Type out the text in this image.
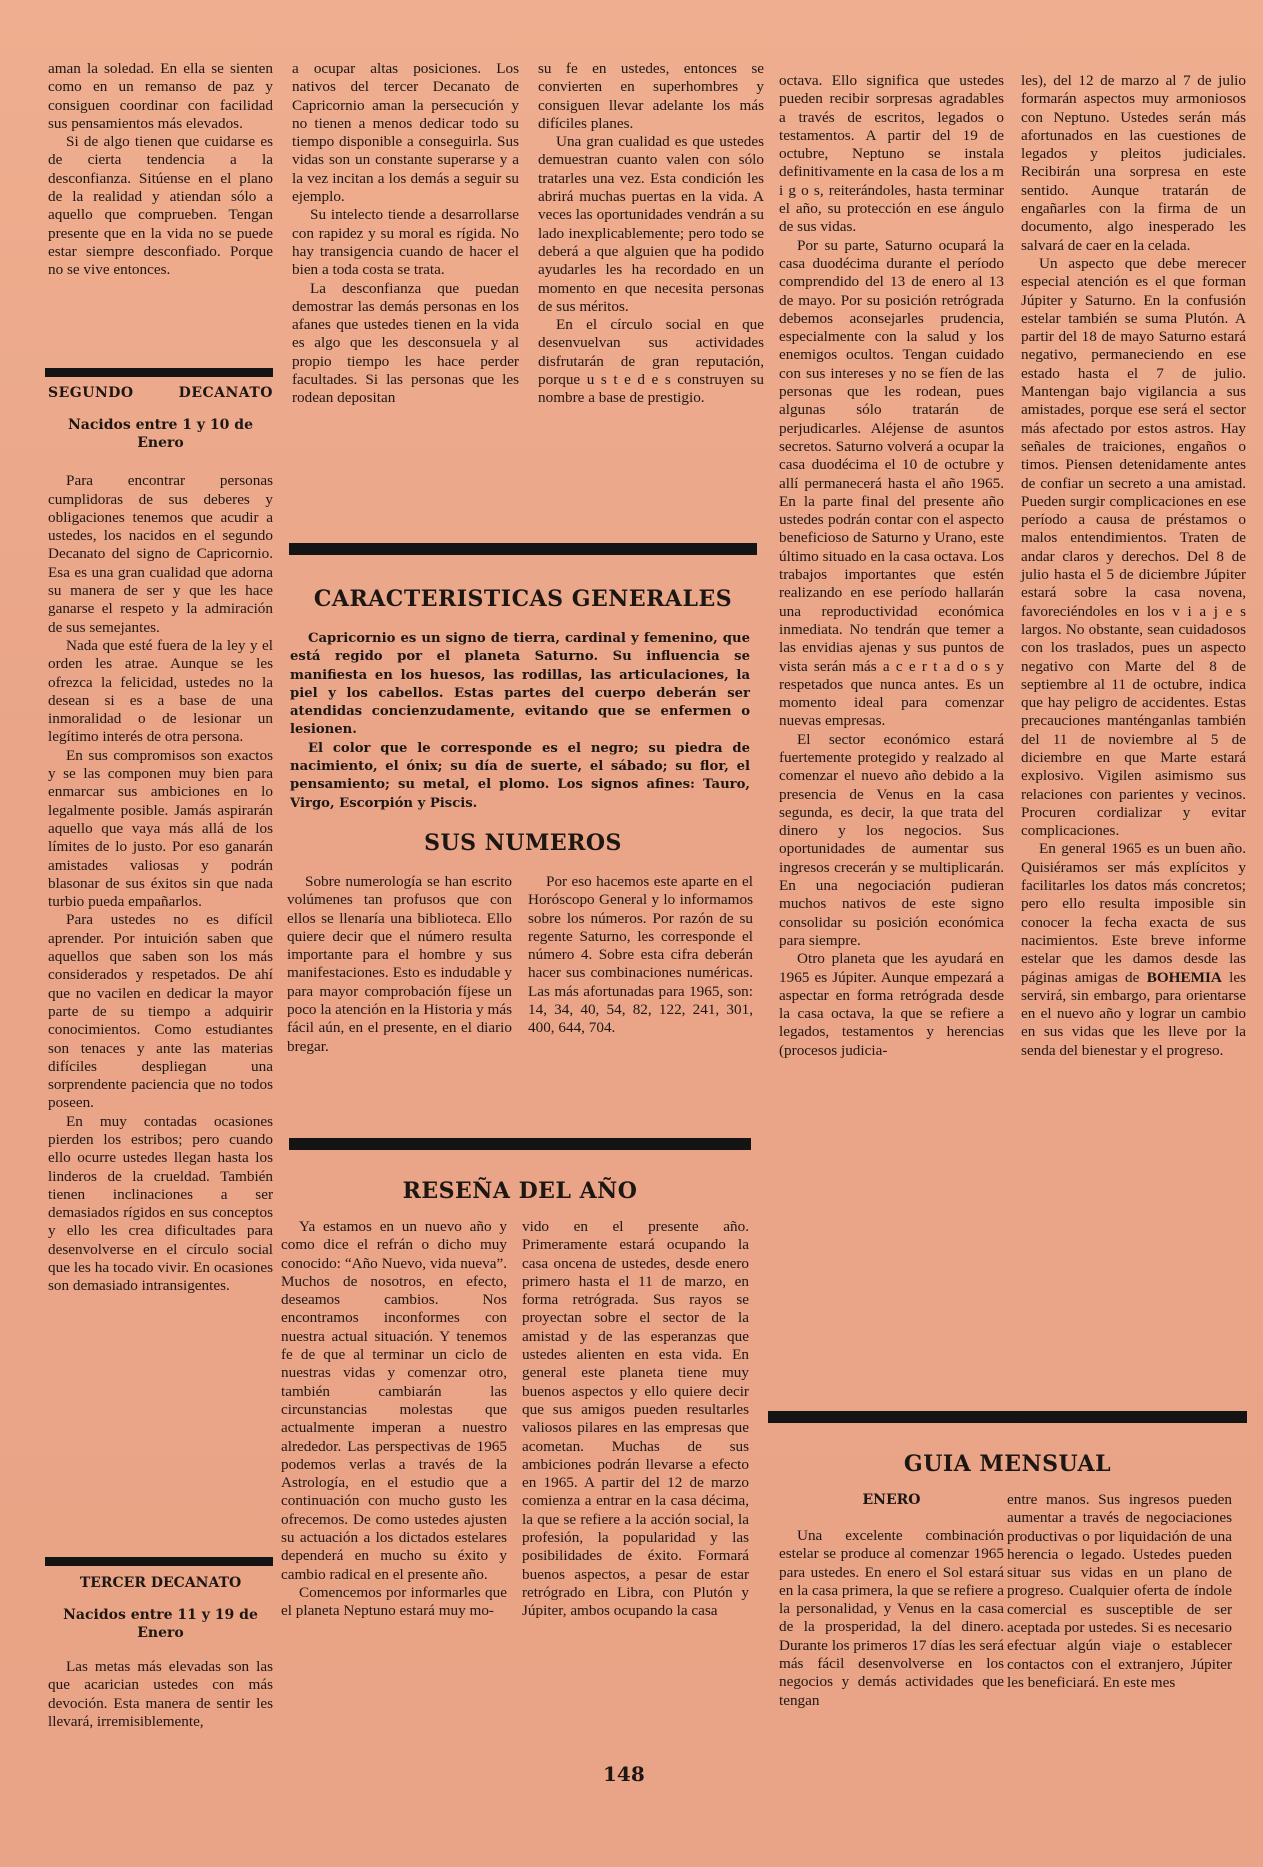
aman la soledad. En ella se sienten como en un remanso de paz y consiguen coordinar con facilidad sus pensamientos más elevados.

Si de algo tienen que cuidarse es de cierta tendencia a la desconfianza. Sitúense en el plano de la realidad y atiendan sólo a aquello que comprueben. Tengan presente que en la vida no se puede estar siempre desconfiado. Porque no se vive entonces.

SEGUNDO DECANATO
Nacidos entre 1 y 10 de Enero

Para encontrar personas cumplidoras de sus deberes y obligaciones tenemos que acudir a ustedes, los nacidos en el segundo Decanato del signo de Capricornio. Esa es una gran cualidad que adorna su manera de ser y que les hace ganarse el respeto y la admiración de sus semejantes.

Nada que esté fuera de la ley y el orden les atrae. Aunque se les ofrezca la felicidad, ustedes no la desean si es a base de una inmoralidad o de lesionar un legítimo interés de otra persona.

En sus compromisos son exactos y se las componen muy bien para enmarcar sus ambiciones en lo legalmente posible. Jamás aspirarán aquello que vaya más allá de los límites de lo justo. Por eso ganarán amistades valiosas y podrán blasonar de sus éxitos sin que nada turbio pueda empañarlos.

Para ustedes no es difícil aprender. Por intuición saben que aquellos que saben son los más considerados y respetados. De ahí que no vacilen en dedicar la mayor parte de su tiempo a adquirir conocimientos. Como estudiantes son tenaces y ante las materias difíciles despliegan una sorprendente paciencia que no todos poseen.

En muy contadas ocasiones pierden los estribos; pero cuando ello ocurre ustedes llegan hasta los linderos de la crueldad. También tienen inclinaciones a ser demasiados rígidos en sus conceptos y ello les crea dificultades para desenvolverse en el círculo social que les ha tocado vivir. En ocasiones son demasiado intransigentes.

TERCER DECANATO
Nacidos entre 11 y 19 de Enero

Las metas más elevadas son las que acarician ustedes con más devoción. Esta manera de sentir les llevará, irremisiblemente,

a ocupar altas posiciones. Los nativos del tercer Decanato de Capricornio aman la persecución y no tienen a menos dedicar todo su tiempo disponible a conseguirla. Sus vidas son un constante superarse y a la vez incitan a los demás a seguir su ejemplo.

Su intelecto tiende a desarrollarse con rapidez y su moral es rígida. No hay transigencia cuando de hacer el bien a toda costa se trata.

La desconfianza que puedan demostrar las demás personas en los afanes que ustedes tienen en la vida es algo que les desconsuela y al propio tiempo les hace perder facultades. Si las personas que les rodean depositan

su fe en ustedes, entonces se convierten en superhombres y consiguen llevar adelante los más difíciles planes.

Una gran cualidad es que ustedes demuestran cuanto valen con sólo tratarles una vez. Esta condición les abrirá muchas puertas en la vida. A veces las oportunidades vendrán a su lado inexplicablemente; pero todo se deberá a que alguien que ha podido ayudarles les ha recordado en un momento en que necesita personas de sus méritos.

En el círculo social en que desenvuelvan sus actividades disfrutarán de gran reputación, porque u s t e d e s construyen su nombre a base de prestigio.

CARACTERISTICAS GENERALES

Capricornio es un signo de tierra, cardinal y femenino, que está regido por el planeta Saturno. Su influencia se manifiesta en los huesos, las rodillas, las articulaciones, la piel y los cabellos. Estas partes del cuerpo deberán ser atendidas concienzudamente, evitando que se enfermen o lesionen.

El color que le corresponde es el negro; su piedra de nacimiento, el ónix; su día de suerte, el sábado; su flor, el pensamiento; su metal, el plomo. Los signos afines: Tauro, Virgo, Escorpión y Piscis.

SUS NUMEROS

Sobre numerología se han escrito volúmenes tan profusos que con ellos se llenaría una biblioteca. Ello quiere decir que el número resulta importante para el hombre y sus manifestaciones. Esto es indudable y para mayor comprobación fíjese un poco la atención en la Historia y más fácil aún, en el presente, en el diario bregar.

Por eso hacemos este aparte en el Horóscopo General y lo informamos sobre los números. Por razón de su regente Saturno, les corresponde el número 4. Sobre esta cifra deberán hacer sus combinaciones numéricas. Las más afortunadas para 1965, son: 14, 34, 40, 54, 82, 122, 241, 301, 400, 644, 704.

RESEÑA DEL AÑO

Ya estamos en un nuevo año y como dice el refrán o dicho muy conocido: “Año Nuevo, vida nueva”. Muchos de nosotros, en efecto, deseamos cambios. Nos encontramos inconformes con nuestra actual situación. Y tenemos fe de que al terminar un ciclo de nuestras vidas y comenzar otro, también cambiarán las circunstancias molestas que actualmente imperan a nuestro alrededor. Las perspectivas de 1965 podemos verlas a través de la Astrología, en el estudio que a continuación con mucho gusto les ofrecemos. De como ustedes ajusten su actuación a los dictados estelares dependerá en mucho su éxito y cambio radical en el presente año.

Comencemos por informarles que el planeta Neptuno estará muy mo-

vido en el presente año. Primeramente estará ocupando la casa oncena de ustedes, desde enero primero hasta el 11 de marzo, en forma retrógrada. Sus rayos se proyectan sobre el sector de la amistad y de las esperanzas que ustedes alienten en esta vida. En general este planeta tiene muy buenos aspectos y ello quiere decir que sus amigos pueden resultarles valiosos pilares en las empresas que acometan. Muchas de sus ambiciones podrán llevarse a efecto en 1965. A partir del 12 de marzo comienza a entrar en la casa décima, la que se refiere a la acción social, la profesión, la popularidad y las posibilidades de éxito. Formará buenos aspectos, a pesar de estar retrógrado en Libra, con Plutón y Júpiter, ambos ocupando la casa

octava. Ello significa que ustedes pueden recibir sorpresas agradables a través de escritos, legados o testamentos. A partir del 19 de octubre, Neptuno se instala definitivamente en la casa de los a m i g o s, reiterándoles, hasta terminar el año, su protección en ese ángulo de sus vidas.

Por su parte, Saturno ocupará la casa duodécima durante el período comprendido del 13 de enero al 13 de mayo. Por su posición retrógrada debemos aconsejarles prudencia, especialmente con la salud y los enemigos ocultos. Tengan cuidado con sus intereses y no se fíen de las personas que les rodean, pues algunas sólo tratarán de perjudicarles. Aléjense de asuntos secretos. Saturno volverá a ocupar la casa duodécima el 10 de octubre y allí permanecerá hasta el año 1965. En la parte final del presente año ustedes podrán contar con el aspecto beneficioso de Saturno y Urano, este último situado en la casa octava. Los trabajos importantes que estén realizando en ese período hallarán una reproductividad económica inmediata. No tendrán que temer a las envidias ajenas y sus puntos de vista serán más a c e r t a d o s y respetados que nunca antes. Es un momento ideal para comenzar nuevas empresas.

El sector económico estará fuertemente protegido y realzado al comenzar el nuevo año debido a la presencia de Venus en la casa segunda, es decir, la que trata del dinero y los negocios. Sus oportunidades de aumentar sus ingresos crecerán y se multiplicarán. En una negociación pudieran muchos nativos de este signo consolidar su posición económica para siempre.

Otro planeta que les ayudará en 1965 es Júpiter. Aunque empezará a aspectar en forma retrógrada desde la casa octava, la que se refiere a legados, testamentos y herencias (procesos judicia-

les), del 12 de marzo al 7 de julio formarán aspectos muy armoniosos con Neptuno. Ustedes serán más afortunados en las cuestiones de legados y pleitos judiciales. Recibirán una sorpresa en este sentido. Aunque tratarán de engañarles con la firma de un documento, algo inesperado les salvará de caer en la celada.

Un aspecto que debe merecer especial atención es el que forman Júpiter y Saturno. En la confusión estelar también se suma Plutón. A partir del 18 de mayo Saturno estará negativo, permaneciendo en ese estado hasta el 7 de julio. Mantengan bajo vigilancia a sus amistades, porque ese será el sector más afectado por estos astros. Hay señales de traiciones, engaños o timos. Piensen detenidamente antes de confiar un secreto a una amistad. Pueden surgir complicaciones en ese período a causa de préstamos o malos entendimientos. Traten de andar claros y derechos. Del 8 de julio hasta el 5 de diciembre Júpiter estará sobre la casa novena, favoreciéndoles en los v i a j e s largos. No obstante, sean cuidadosos con los traslados, pues un aspecto negativo con Marte del 8 de septiembre al 11 de octubre, indica que hay peligro de accidentes. Estas precauciones manténganlas también del 11 de noviembre al 5 de diciembre en que Marte estará explosivo. Vigilen asimismo sus relaciones con parientes y vecinos. Procuren cordializar y evitar complicaciones.

En general 1965 es un buen año. Quisiéramos ser más explícitos y facilitarles los datos más concretos; pero ello resulta imposible sin conocer la fecha exacta de sus nacimientos. Este breve informe estelar que les damos desde las páginas amigas de BOHEMIA les servirá, sin embargo, para orientarse en el nuevo año y lograr un cambio en sus vidas que les lleve por la senda del bienestar y el progreso.

GUIA MENSUAL
ENERO

Una excelente combinación estelar se produce al comenzar 1965 para ustedes. En enero el Sol estará en la casa primera, la que se refiere a la personalidad, y Venus en la casa de la prosperidad, la del dinero. Durante los primeros 17 días les será más fácil desenvolverse en los negocios y demás actividades que tengan

entre manos. Sus ingresos pueden aumentar a través de negociaciones productivas o por liquidación de una herencia o legado. Ustedes pueden situar sus vidas en un plano de progreso. Cualquier oferta de índole comercial es susceptible de ser aceptada por ustedes. Si es necesario efectuar algún viaje o establecer contactos con el extranjero, Júpiter les beneficiará. En este mes

148
